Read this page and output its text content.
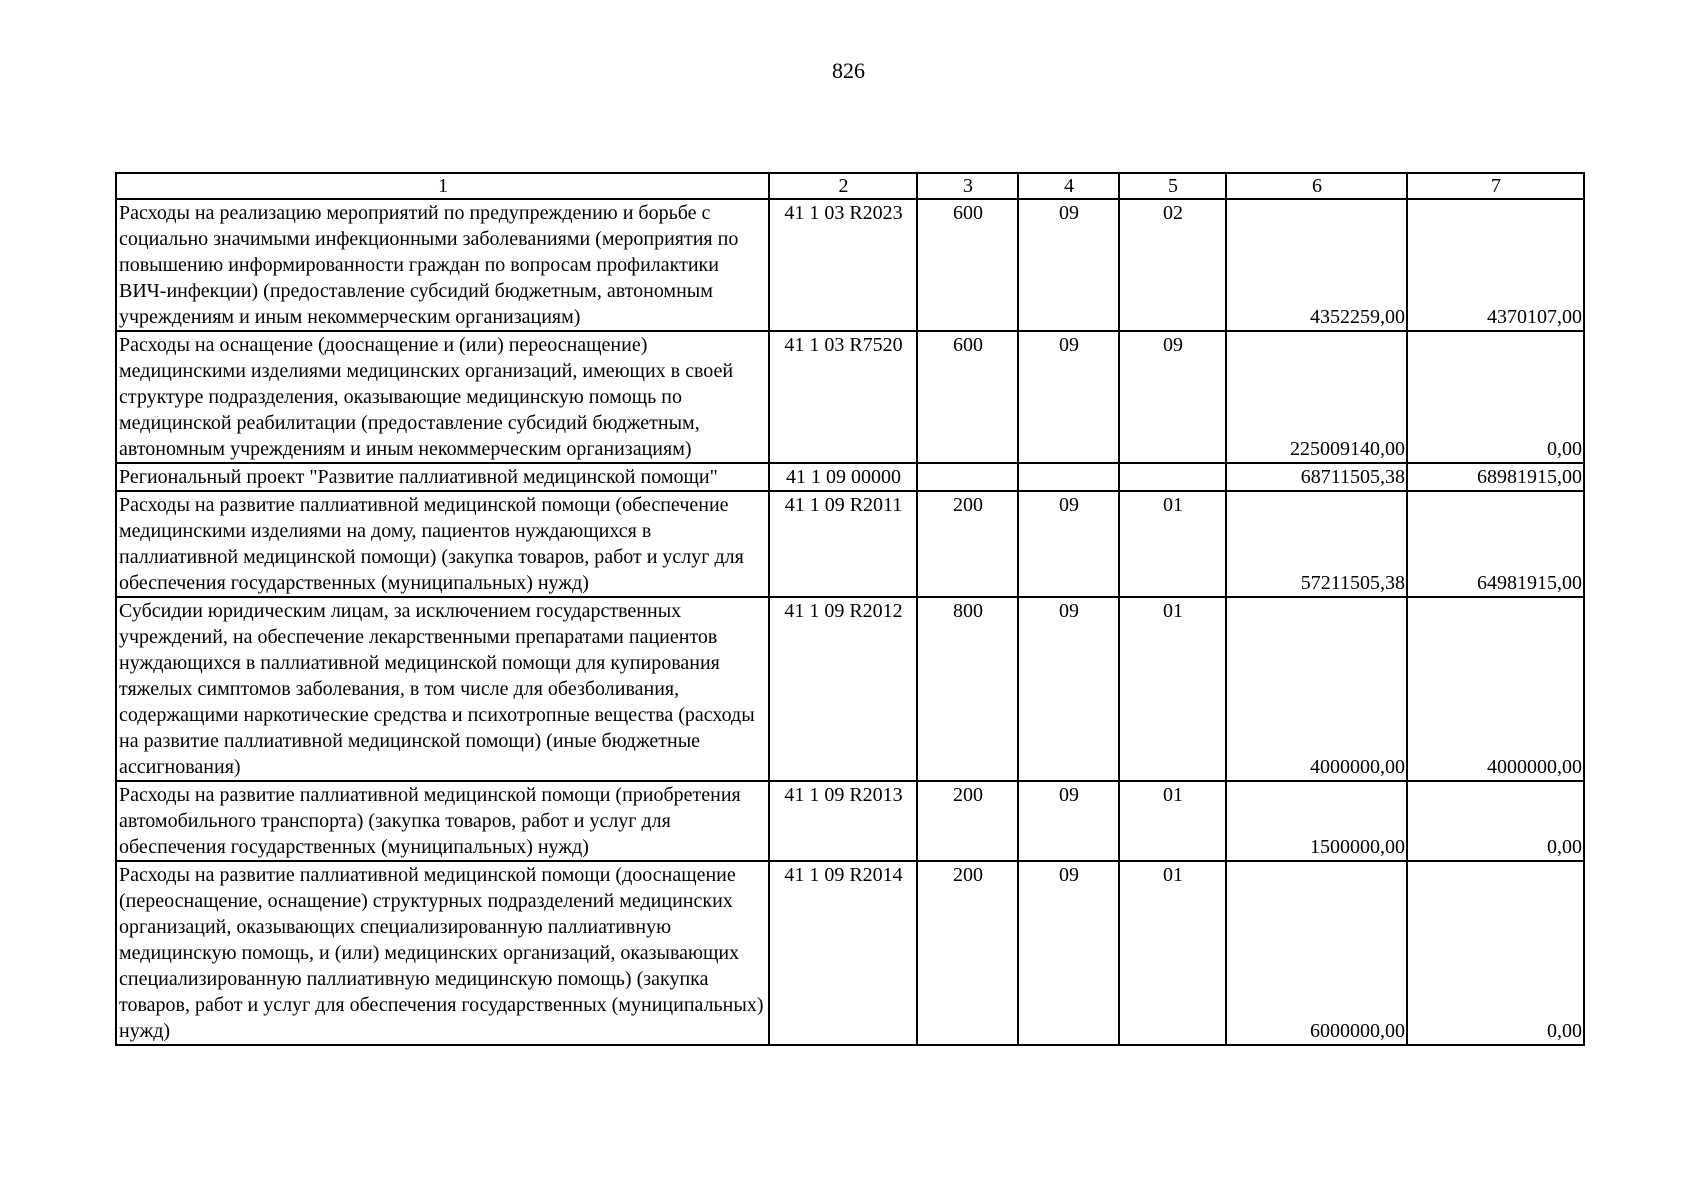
826
1	2	3	4	5	6	7
Расходы на реализацию мероприятий по предупреждению и борьбе с социально значимыми инфекционными заболеваниями (мероприятия по повышению информированности граждан по вопросам профилактики ВИЧ-инфекции) (предоставление субсидий бюджетным, автономным учреждениям и иным некоммерческим организациям)	41 1 03 R2023	600	09	02	4352259,00	4370107,00
Расходы на оснащение (дооснащение и (или) переоснащение) медицинскими изделиями медицинских организаций, имеющих в своей структуре подразделения, оказывающие медицинскую помощь по медицинской реабилитации (предоставление субсидий бюджетным, автономным учреждениям и иным некоммерческим организациям)	41 1 03 R7520	600	09	09	225009140,00	0,00
Региональный проект "Развитие паллиативной медицинской помощи"	41 1 09 00000				68711505,38	68981915,00
Расходы на развитие паллиативной медицинской помощи (обеспечение медицинскими изделиями на дому, пациентов нуждающихся в паллиативной медицинской помощи) (закупка товаров, работ и услуг для обеспечения государственных (муниципальных) нужд)	41 1 09 R2011	200	09	01	57211505,38	64981915,00
Субсидии юридическим лицам, за исключением государственных учреждений, на обеспечение лекарственными препаратами пациентов нуждающихся в паллиативной медицинской помощи для купирования тяжелых симптомов заболевания, в том числе для обезболивания, содержащими наркотические средства и психотропные вещества (расходы на развитие паллиативной медицинской помощи) (иные бюджетные ассигнования)	41 1 09 R2012	800	09	01	4000000,00	4000000,00
Расходы на развитие паллиативной медицинской помощи (приобретения автомобильного транспорта) (закупка товаров, работ и услуг для обеспечения государственных (муниципальных) нужд)	41 1 09 R2013	200	09	01	1500000,00	0,00
Расходы на развитие паллиативной медицинской помощи (дооснащение (переоснащение, оснащение) структурных подразделений медицинских организаций, оказывающих специализированную паллиативную медицинскую помощь, и (или) медицинских организаций, оказывающих специализированную паллиативную медицинскую помощь) (закупка товаров, работ и услуг для обеспечения государственных (муниципальных) нужд)	41 1 09 R2014	200	09	01	6000000,00	0,00
